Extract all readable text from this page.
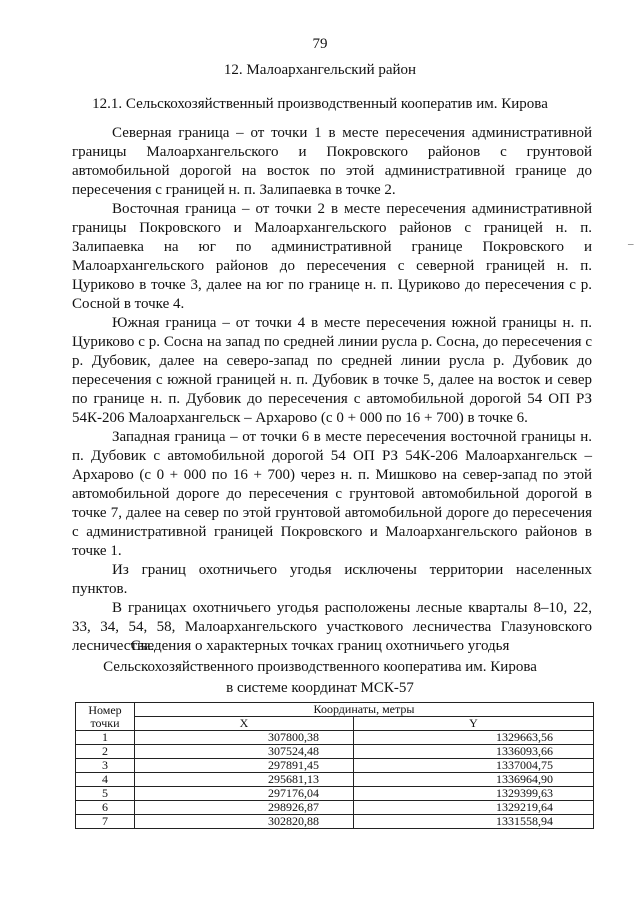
79
12. Малоархангельский район
12.1. Сельскохозяйственный производственный кооператив им. Кирова

Северная граница – от точки 1 в месте пересечения административной границы Малоархангельского и Покровского районов с грунтовой автомобильной дорогой на восток по этой административной границе до пересечения с границей н. п. Залипаевка в точке 2.

Восточная граница – от точки 2 в месте пересечения административной границы Покровского и Малоархангельского районов с границей н. п. Залипаевка на юг по административной границе Покровского и Малоархангельского районов до пересечения с северной границей н. п. Цуриково в точке 3, далее на юг по границе н. п. Цуриково до пересечения с р. Сосной в точке 4.

Южная граница – от точки 4 в месте пересечения южной границы н. п. Цуриково с р. Сосна на запад по средней линии русла р. Сосна, до пересечения с р. Дубовик, далее на северо-запад по средней линии русла р. Дубовик до пересечения с южной границей н. п. Дубовик в точке 5, далее на восток и север по границе н. п. Дубовик до пересечения с автомобильной дорогой 54 ОП РЗ 54К-206 Малоархангельск – Архарово (с 0 + 000 по 16 + 700) в точке 6.

Западная граница – от точки 6 в месте пересечения восточной границы н. п. Дубовик с автомобильной дорогой 54 ОП РЗ 54К-206 Малоархангельск – Архарово (с 0 + 000 по 16 + 700) через н. п. Мишково на север-запад по этой автомобильной дороге до пересечения с грунтовой автомобильной дорогой в точке 7, далее на север по этой грунтовой автомобильной дороге до пересечения с административной границей Покровского и Малоархангельского районов в точке 1.

Из границ охотничьего угодья исключены территории населенных пунктов.

В границах охотничьего угодья расположены лесные кварталы 8–10, 22, 33, 34, 54, 58, Малоархангельского участкового лесничества Глазуновского лесничества.

Сведения о характерных точках границ охотничьего угодья
Сельскохозяйственного производственного кооператива им. Кирова
в системе координат МСК-57
Номер
точки	Координаты, метры	
	X	Y
1	307800,38	1329663,56
2	307524,48	1336093,66
3	297891,45	1337004,75
4	295681,13	1336964,90
5	297176,04	1329399,63
6	298926,87	1329219,64
7	302820,88	1331558,94
–
